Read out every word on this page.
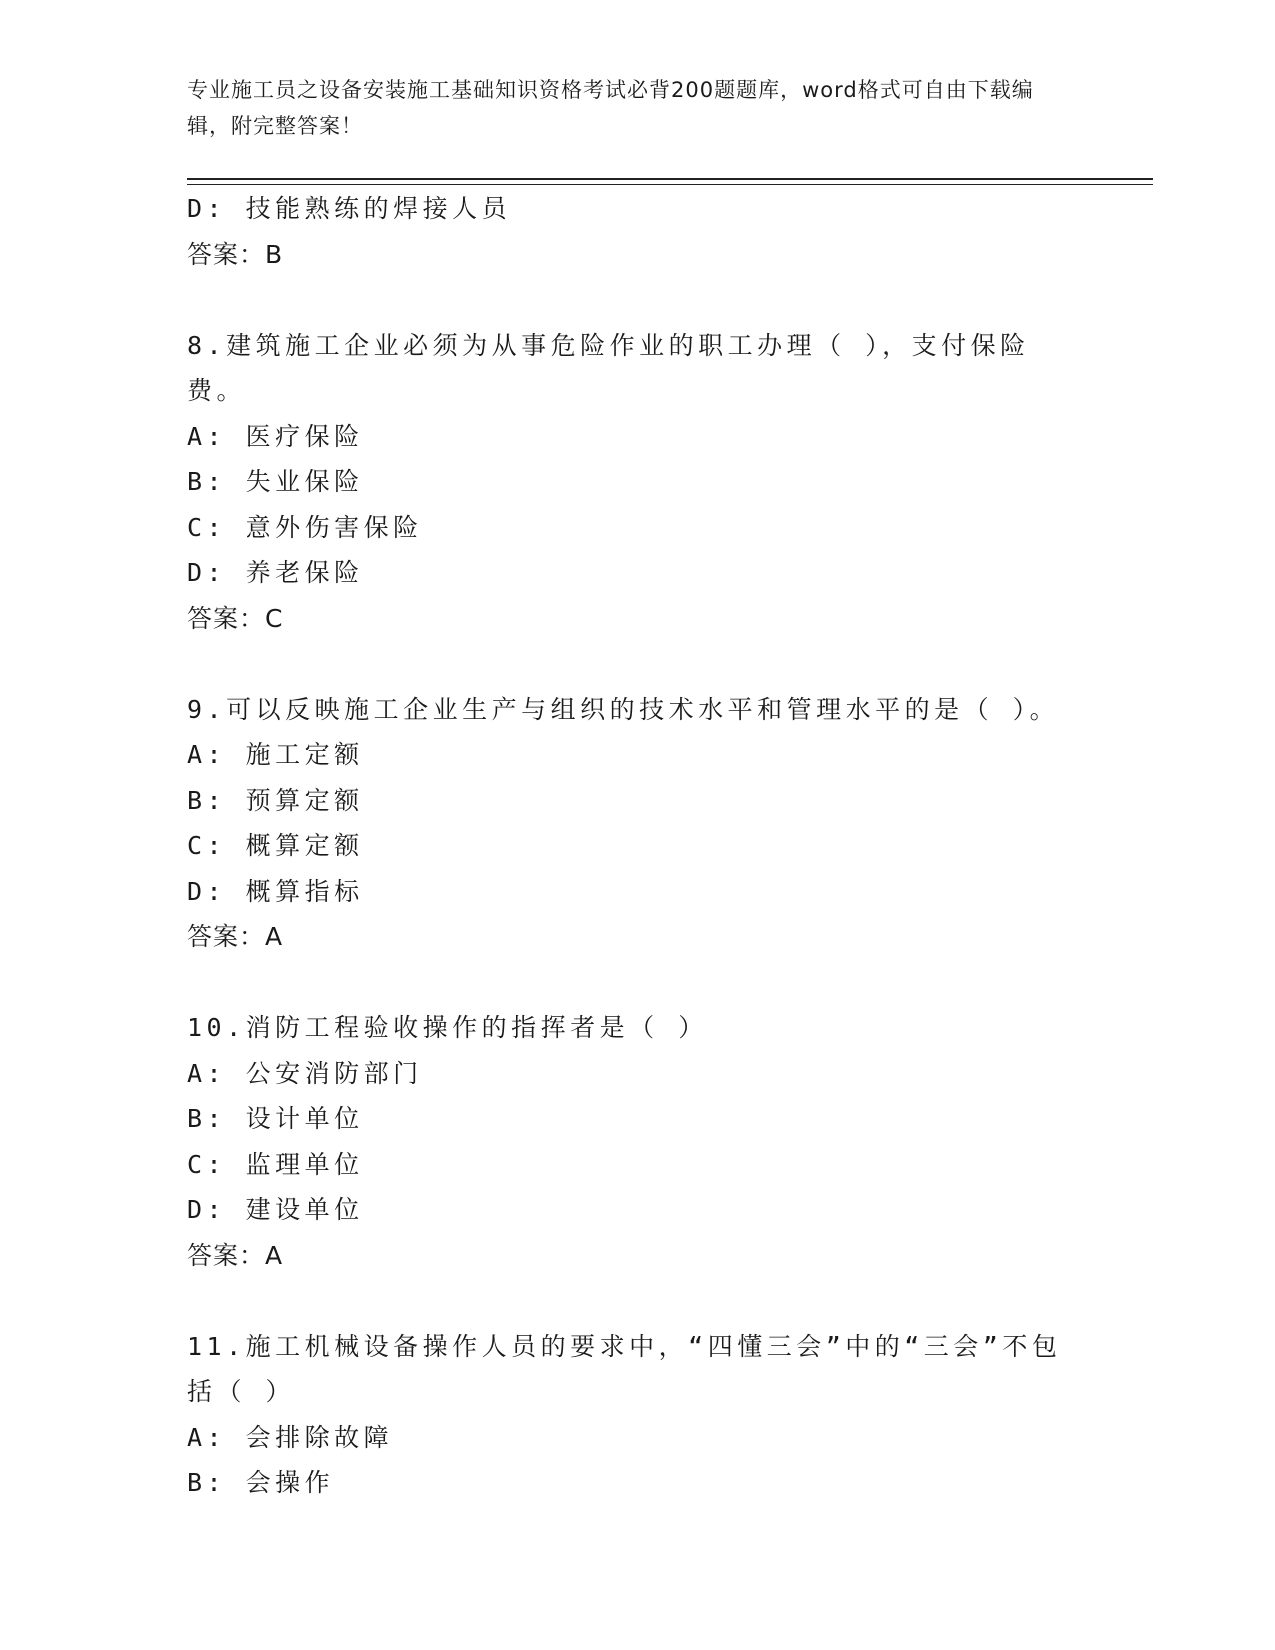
专业施工员之设备安装施工基础知识资格考试必背200题题库，word格式可自由下载编辑，附完整答案！
D: 技能熟练的焊接人员
答案：B
8.建筑施工企业必须为从事危险作业的职工办理（ ），支付保险费。
A: 医疗保险
B: 失业保险
C: 意外伤害保险
D: 养老保险
答案：C
9.可以反映施工企业生产与组织的技术水平和管理水平的是（ ）。
A: 施工定额
B: 预算定额
C: 概算定额
D: 概算指标
答案：A
10.消防工程验收操作的指挥者是（ ）
A: 公安消防部门
B: 设计单位
C: 监理单位
D: 建设单位
答案：A
11.施工机械设备操作人员的要求中，“四懂三会”中的“三会”不包括（ ）
A: 会排除故障
B: 会操作
